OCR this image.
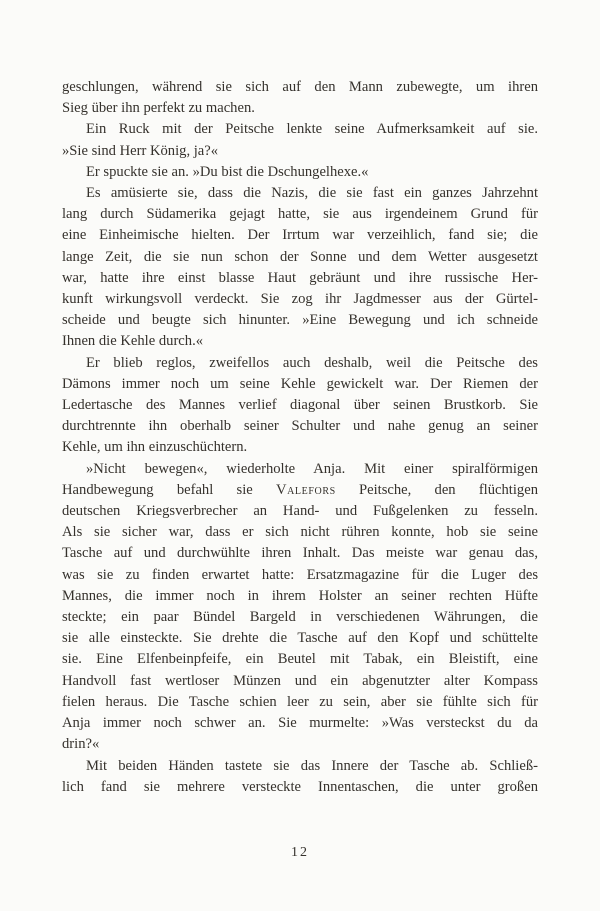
geschlungen, während sie sich auf den Mann zubewegte, um ihren
Sieg über ihn perfekt zu machen.
Ein Ruck mit der Peitsche lenkte seine Aufmerksamkeit auf sie.
»Sie sind Herr König, ja?«
Er spuckte sie an. »Du bist die Dschungelhexe.«
Es amüsierte sie, dass die Nazis, die sie fast ein ganzes Jahrzehnt
lang durch Südamerika gejagt hatte, sie aus irgendeinem Grund für
eine Einheimische hielten. Der Irrtum war verzeihlich, fand sie; die
lange Zeit, die sie nun schon der Sonne und dem Wetter ausgesetzt
war, hatte ihre einst blasse Haut gebräunt und ihre russische Her-
kunft wirkungsvoll verdeckt. Sie zog ihr Jagdmesser aus der Gürtel-
scheide und beugte sich hinunter. »Eine Bewegung und ich schneide
Ihnen die Kehle durch.«
Er blieb reglos, zweifellos auch deshalb, weil die Peitsche des
Dämons immer noch um seine Kehle gewickelt war. Der Riemen der
Ledertasche des Mannes verlief diagonal über seinen Brustkorb. Sie
durchtrennte ihn oberhalb seiner Schulter und nahe genug an seiner
Kehle, um ihn einzuschüchtern.
»Nicht bewegen«, wiederholte Anja. Mit einer spiralförmigen
Handbewegung befahl sie Valefors Peitsche, den flüchtigen
deutschen Kriegsverbrecher an Hand- und Fußgelenken zu fesseln.
Als sie sicher war, dass er sich nicht rühren konnte, hob sie seine
Tasche auf und durchwühlte ihren Inhalt. Das meiste war genau das,
was sie zu finden erwartet hatte: Ersatzmagazine für die Luger des
Mannes, die immer noch in ihrem Holster an seiner rechten Hüfte
steckte; ein paar Bündel Bargeld in verschiedenen Währungen, die
sie alle einsteckte. Sie drehte die Tasche auf den Kopf und schüttelte
sie. Eine Elfenbeinpfeife, ein Beutel mit Tabak, ein Bleistift, eine
Handvoll fast wertloser Münzen und ein abgenutzter alter Kompass
fielen heraus. Die Tasche schien leer zu sein, aber sie fühlte sich für
Anja immer noch schwer an. Sie murmelte: »Was versteckst du da
drin?«
Mit beiden Händen tastete sie das Innere der Tasche ab. Schließ-
lich fand sie mehrere versteckte Innentaschen, die unter großen
12
